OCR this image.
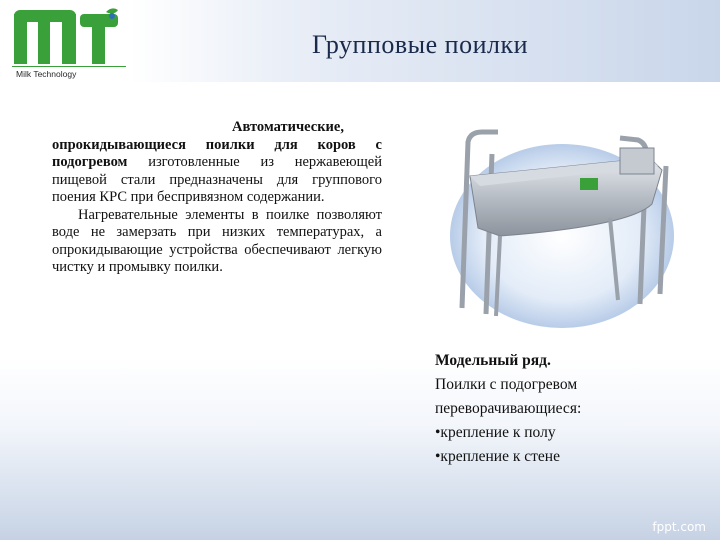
Milk Technology
Групповые поилки

Автоматические, опрокидывающиеся поилки для коров с подогревом изготовленные из нержавеющей пищевой стали предназначены для группового поения КРС при беспривязном содержании.

Нагревательные элементы в поилке позволяют воде не замерзать при низких температурах, а опрокидывающие устройства обеспечивают легкую чистку и промывку поилки.

Модельный ряд.
Поилки с подогревом
переворачивающиеся:
•крепление к полу
•крепление к стене
fppt.com
